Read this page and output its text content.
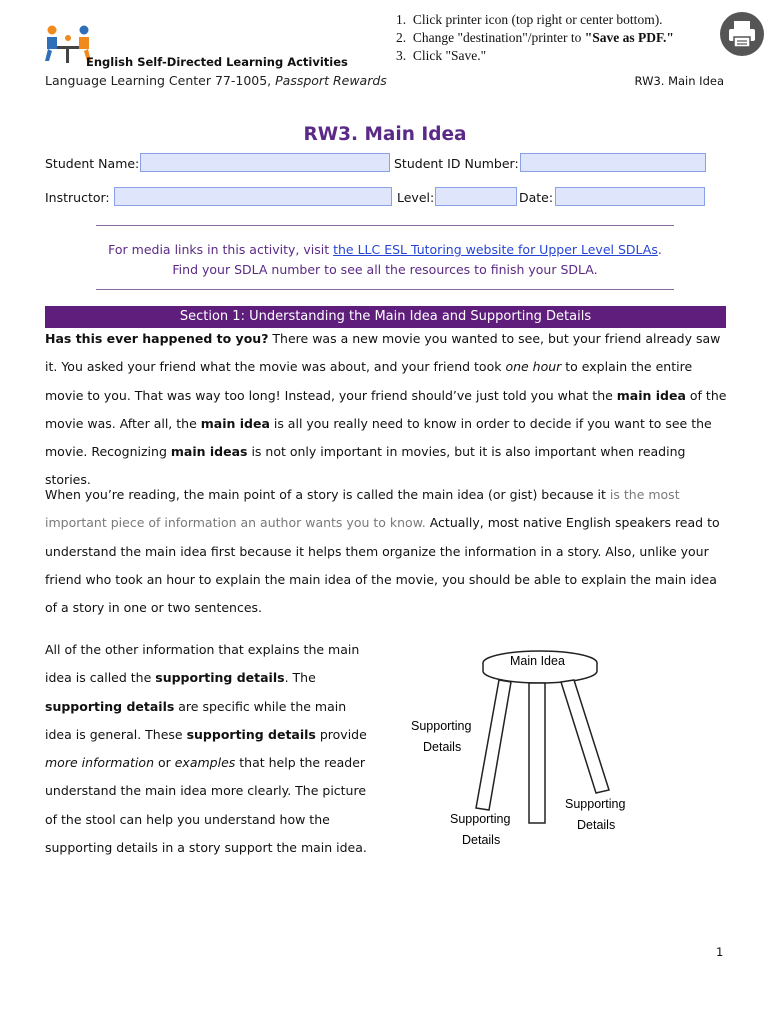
English Self-Directed Learning Activities
Language Learning Center 77-1005, Passport Rewards
1. Click printer icon (top right or center bottom).
2. Change "destination"/printer to "Save as PDF."
3. Click "Save."
RW3. Main Idea
RW3. Main Idea
Student Name:	Student ID Number:
Instructor:	Level:	Date:
For media links in this activity, visit the LLC ESL Tutoring website for Upper Level SDLAs. Find your SDLA number to see all the resources to finish your SDLA.
Section 1: Understanding the Main Idea and Supporting Details
Has this ever happened to you? There was a new movie you wanted to see, but your friend already saw it. You asked your friend what the movie was about, and your friend took one hour to explain the entire movie to you. That was way too long! Instead, your friend should’ve just told you what the main idea of the movie was. After all, the main idea is all you really need to know in order to decide if you want to see the movie. Recognizing main ideas is not only important in movies, but it is also important when reading stories.
When you’re reading, the main point of a story is called the main idea (or gist) because it is the most important piece of information an author wants you to know. Actually, most native English speakers read to understand the main idea first because it helps them organize the information in a story. Also, unlike your friend who took an hour to explain the main idea of the movie, you should be able to explain the main idea of a story in one or two sentences.
All of the other information that explains the main idea is called the supporting details. The supporting details are specific while the main idea is general. These supporting details provide more information or examples that help the reader understand the main idea more clearly. The picture of the stool can help you understand how the supporting details in a story support the main idea.
Main Idea
Supporting
Details
Supporting
Details
Supporting
Details
1
